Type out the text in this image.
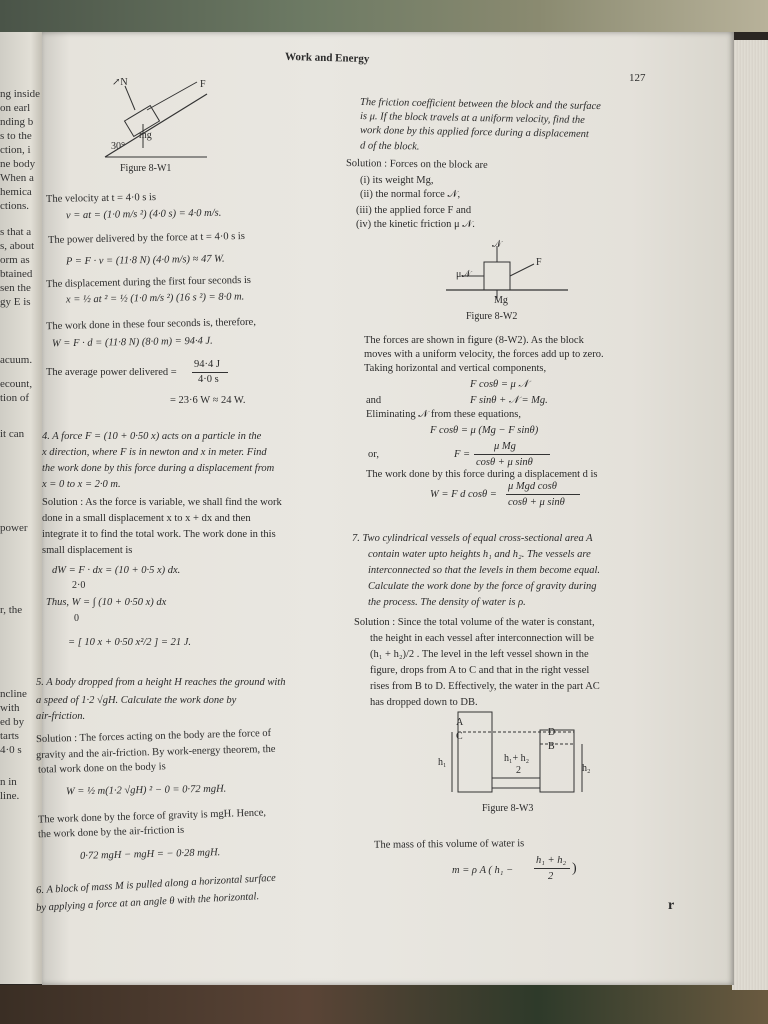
ng inside
on earl
nding b
s to the
ction, i
ne body
When a
hemica
ctions.
s that a
s, about
orm as
btained
sen the
gy E is
acuum.
ecount,
tion of
it can
power
r, the
ncline
with
ed by
tarts
4·0 s
n in
line.
Work and Energy
127
↗N	F
mg
30°
Figure 8-W1
The velocity at t = 4·0 s is
v = at = (1·0 m/s ²) (4·0 s) = 4·0 m/s.
The power delivered by the force at t = 4·0 s is
P = F · v = (11·8 N) (4·0 m/s) ≈ 47 W.
The displacement during the first four seconds is
x = ½ at ² = ½ (1·0 m/s ²) (16 s ²) = 8·0 m.
The work done in these four seconds is, therefore,
W = F · d = (11·8 N) (8·0 m) = 94·4 J.
The average power delivered =
94·4 J
4·0 s
= 23·6 W ≈ 24 W.
4. A force F = (10 + 0·50 x) acts on a particle in the
x direction, where F is in newton and x in meter. Find
the work done by this force during a displacement from
x = 0 to x = 2·0 m.
Solution : As the force is variable, we shall find the work
done in a small displacement x to x + dx and then
integrate it to find the total work. The work done in this
small displacement is
dW = F · dx = (10 + 0·5 x) dx.
2·0
Thus, W = ∫ (10 + 0·50 x) dx
0
= [ 10 x + 0·50 x²/2 ] = 21 J.
5. A body dropped from a height H reaches the ground with
a speed of 1·2 √gH. Calculate the work done by
air-friction.
Solution : The forces acting on the body are the force of
gravity and the air-friction. By work-energy theorem, the
total work done on the body is
W = ½ m(1·2 √gH) ² − 0 = 0·72 mgH.
The work done by the force of gravity is mgH. Hence,
the work done by the air-friction is
0·72 mgH − mgH = − 0·28 mgH.
6. A block of mass M is pulled along a horizontal surface
by applying a force at an angle θ with the horizontal.
The friction coefficient between the block and the surface
is μ. If the block travels at a uniform velocity, find the
work done by this applied force during a displacement
d of the block.
Solution : Forces on the block are
(i) its weight Mg,
(ii) the normal force 𝒩,
(iii) the applied force F and
(iv) the kinetic friction μ 𝒩.
𝒩
μ𝒩
F
Mg
Figure 8-W2
The forces are shown in figure (8-W2). As the block
moves with a uniform velocity, the forces add up to zero.
Taking horizontal and vertical components,
F cosθ = μ 𝒩
and	F sinθ + 𝒩 = Mg.
Eliminating 𝒩 from these equations,
F cosθ = μ (Mg − F sinθ)
or,	F =
μ Mg
cosθ + μ sinθ
The work done by this force during a displacement d is
W = F d cosθ =
μ Mgd cosθ
cosθ + μ sinθ
7. Two cylindrical vessels of equal cross-sectional area A
contain water upto heights h₁ and h₂. The vessels are
interconnected so that the levels in them become equal.
Calculate the work done by the force of gravity during
the process. The density of water is ρ.
Solution : Since the total volume of the water is constant,
the height in each vessel after interconnection will be
(h₁ + h₂)/2 . The level in the left vessel shown in the
figure, drops from A to C and that in the right vessel
rises from B to D. Effectively, the water in the part AC
has dropped down to DB.
A
C	D
B
h₁	h₁+ h₂
2	h₂
Figure 8-W3
The mass of this volume of water is
m = ρ A ( h₁ −
h₁ + h₂
2
)
r
